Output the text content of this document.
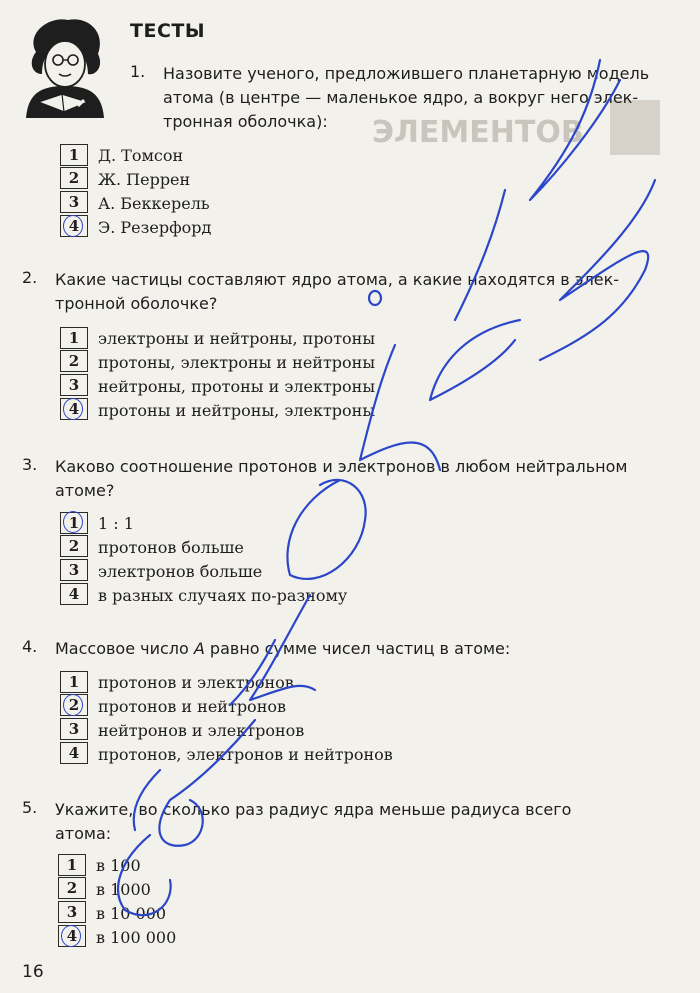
ЭЛЕМЕНТОВ
ТЕСТЫ
1. Назовите ученого, предложившего планетарную модель
атома (в центре — маленькое ядро, а вокруг него элек-
тронная оболочка):
1	Д. Томсон
2	Ж. Перрен
3	А. Беккерель
4	Э. Резерфорд
2. Какие частицы составляют ядро атома, а какие находятся в элек-
тронной оболочке?
1	электроны и нейтроны, протоны
2	протоны, электроны и нейтроны
3	нейтроны, протоны и электроны
4	протоны и нейтроны, электроны
3. Каково соотношение протонов и электронов в любом нейтральном
атоме?
1	1 : 1
2	протонов больше
3	электронов больше
4	в разных случаях по-разному
4. Массовое число А равно сумме чисел частиц в атоме:
1	протонов и электронов
2	протонов и нейтронов
3	нейтронов и электронов
4	протонов, электронов и нейтронов
5. Укажите, во сколько раз радиус ядра меньше радиуса всего
атома:
1	в 100
2	в 1000
3	в 10 000
4	в 100 000
16
